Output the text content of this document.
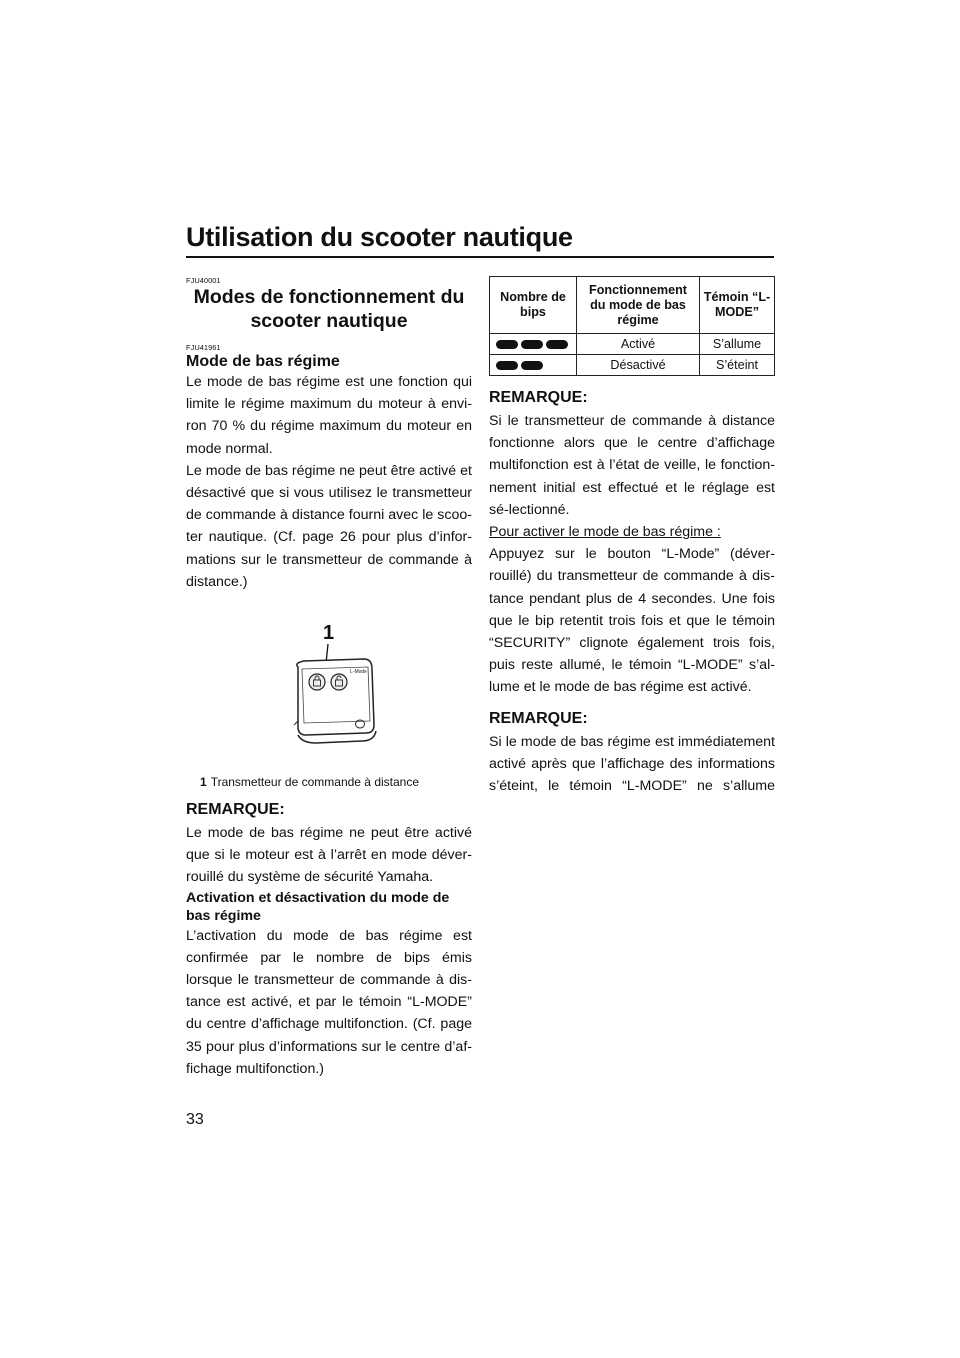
Utilisation du scooter nautique

FJU40001

Modes de fonctionnement du scooter nautique

FJU41961

Mode de bas régime

Le mode de bas régime est une fonction qui limite le régime maximum du moteur à envi-ron 70 % du régime maximum du moteur en mode normal.

Le mode de bas régime ne peut être activé et désactivé que si vous utilisez le transmetteur de commande à distance fourni avec le scoo-ter nautique. (Cf. page 26 pour plus d’infor-mations sur le transmetteur de commande à distance.)

1
L-Mode

1 Transmetteur de commande à distance

REMARQUE:

Le mode de bas régime ne peut être activé que si le moteur est à l’arrêt en mode déver-rouillé du système de sécurité Yamaha.

Activation et désactivation du mode de bas régime

L’activation du mode de bas régime est confirmée par le nombre de bips émis lorsque le transmetteur de commande à dis-tance est activé, et par le témoin “L-MODE” du centre d’affichage multifonction. (Cf. page 35 pour plus d’informations sur le centre d’af-fichage multifonction.)

Nombre de bips	Fonctionnement du mode de bas régime	Témoin “L-MODE”
	Activé	S’allume
	Désactivé	S’éteint
REMARQUE:

Si le transmetteur de commande à distance fonctionne alors que le centre d’affichage multifonction est à l’état de veille, le fonction-nement initial est effectué et le réglage est sé-lectionné.

Pour activer le mode de bas régime :

Appuyez sur le bouton “L-Mode” (déver-rouillé) du transmetteur de commande à dis-tance pendant plus de 4 secondes. Une fois que le bip retentit trois fois et que le témoin “SECURITY” clignote également trois fois, puis reste allumé, le témoin “L-MODE” s’al-lume et le mode de bas régime est activé.

REMARQUE:

Si le mode de bas régime est immédiatement activé après que l’affichage des informations s’éteint, le témoin “L-MODE” ne s’allume

33
